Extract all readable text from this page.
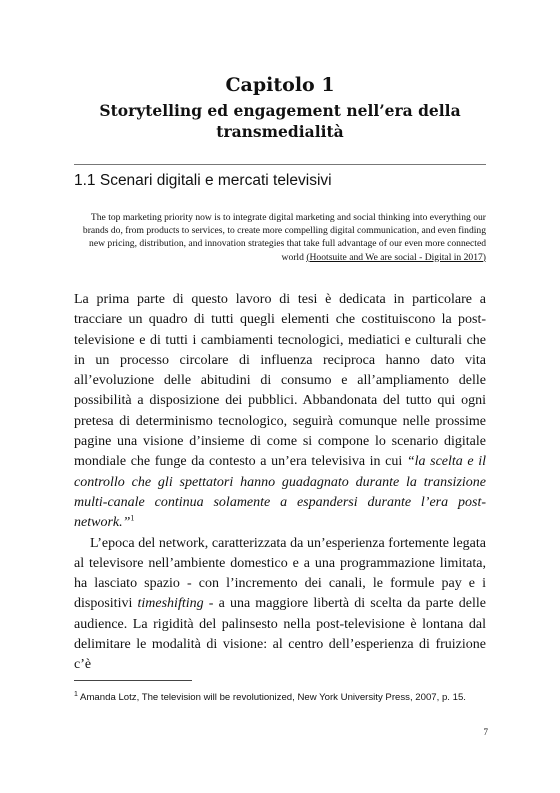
Capitolo 1
Storytelling ed engagement nell’era della transmedialità
1.1 Scenari digitali e mercati televisivi
The top marketing priority now is to integrate digital marketing and social thinking into everything our brands do, from products to services, to create more compelling digital communication, and even finding new pricing, distribution, and innovation strategies that take full advantage of our even more connected world (Hootsuite and We are social - Digital in 2017)

La prima parte di questo lavoro di tesi è dedicata in particolare a tracciare un quadro di tutti quegli elementi che costituiscono la post-televisione e di tutti i cambiamenti tecnologici, mediatici e culturali che in un processo circolare di influenza reciproca hanno dato vita all’evoluzione delle abitudini di consumo e all’ampliamento delle possibilità a disposizione dei pubblici. Abbandonata del tutto qui ogni pretesa di determinismo tecnologico, seguirà comunque nelle prossime pagine una visione d’insieme di come si compone lo scenario digitale mondiale che funge da contesto a un’era televisiva in cui “la scelta e il controllo che gli spettatori hanno guadagnato durante la transizione multi-canale continua solamente a espandersi durante l’era post-network.”$^1$

L’epoca del network, caratterizzata da un’esperienza fortemente legata al televisore nell’ambiente domestico e a una programmazione limitata, ha lasciato spazio - con l’incremento dei canali, le formule pay e i dispositivi timeshifting - a una maggiore libertà di scelta da parte delle audience. La rigidità del palinsesto nella post-televisione è lontana dal delimitare le modalità di visione: al centro dell’esperienza di fruizione c’è

$^1$ Amanda Lotz, The television will be revolutionized, New York University Press, 2007, p. 15.
7
